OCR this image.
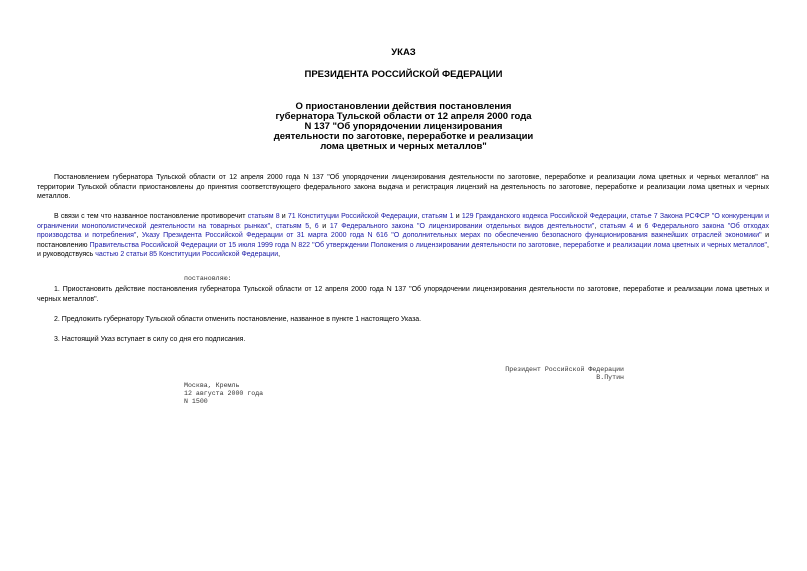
УКАЗ
ПРЕЗИДЕНТА РОССИЙСКОЙ ФЕДЕРАЦИИ
О приостановлении действия постановления
губернатора Тульской области от 12 апреля 2000 года
N 137 "Об упорядочении лицензирования
деятельности по заготовке, переработке и реализации
лома цветных и черных металлов"
Постановлением губернатора Тульской области от 12 апреля 2000 года N 137 "Об упорядочении лицензирования деятельности по заготовке, переработке и реализации лома цветных и черных металлов" на территории Тульской области приостановлены до принятия соответствующего федерального закона выдача и регистрация лицензий на деятельность по заготовке, переработке и реализации лома цветных и черных металлов.
В связи с тем что названное постановление противоречит статьям 8 и 71 Конституции Российской Федерации, статьям 1 и 129 Гражданского кодекса Российской Федерации, статье 7 Закона РСФСР "О конкуренции и ограничении монополистической деятельности на товарных рынках", статьям 5, 6 и 17 Федерального закона "О лицензировании отдельных видов деятельности", статьям 4 и 6 Федерального закона "Об отходах производства и потребления", Указу Президента Российской Федерации от 31 марта 2000 года N 616 "О дополнительных мерах по обеспечению безопасного функционирования важнейших отраслей экономики" и постановлению Правительства Российской Федерации от 15 июля 1999 года N 822 "Об утверждении Положения о лицензировании деятельности по заготовке, переработке и реализации лома цветных и черных металлов", и руководствуясь частью 2 статьи 85 Конституции Российской Федерации,
постановляю:
1. Приостановить действие постановления губернатора Тульской области от 12 апреля 2000 года N 137 "Об упорядочении лицензирования деятельности по заготовке, переработке и реализации лома цветных и черных металлов".
2. Предложить губернатору Тульской области отменить постановление, названное в пункте 1 настоящего Указа.
3. Настоящий Указ вступает в силу со дня его подписания.
Президент Российской Федерации
В.Путин
Москва, Кремль
12 августа 2000 года
N 1500
